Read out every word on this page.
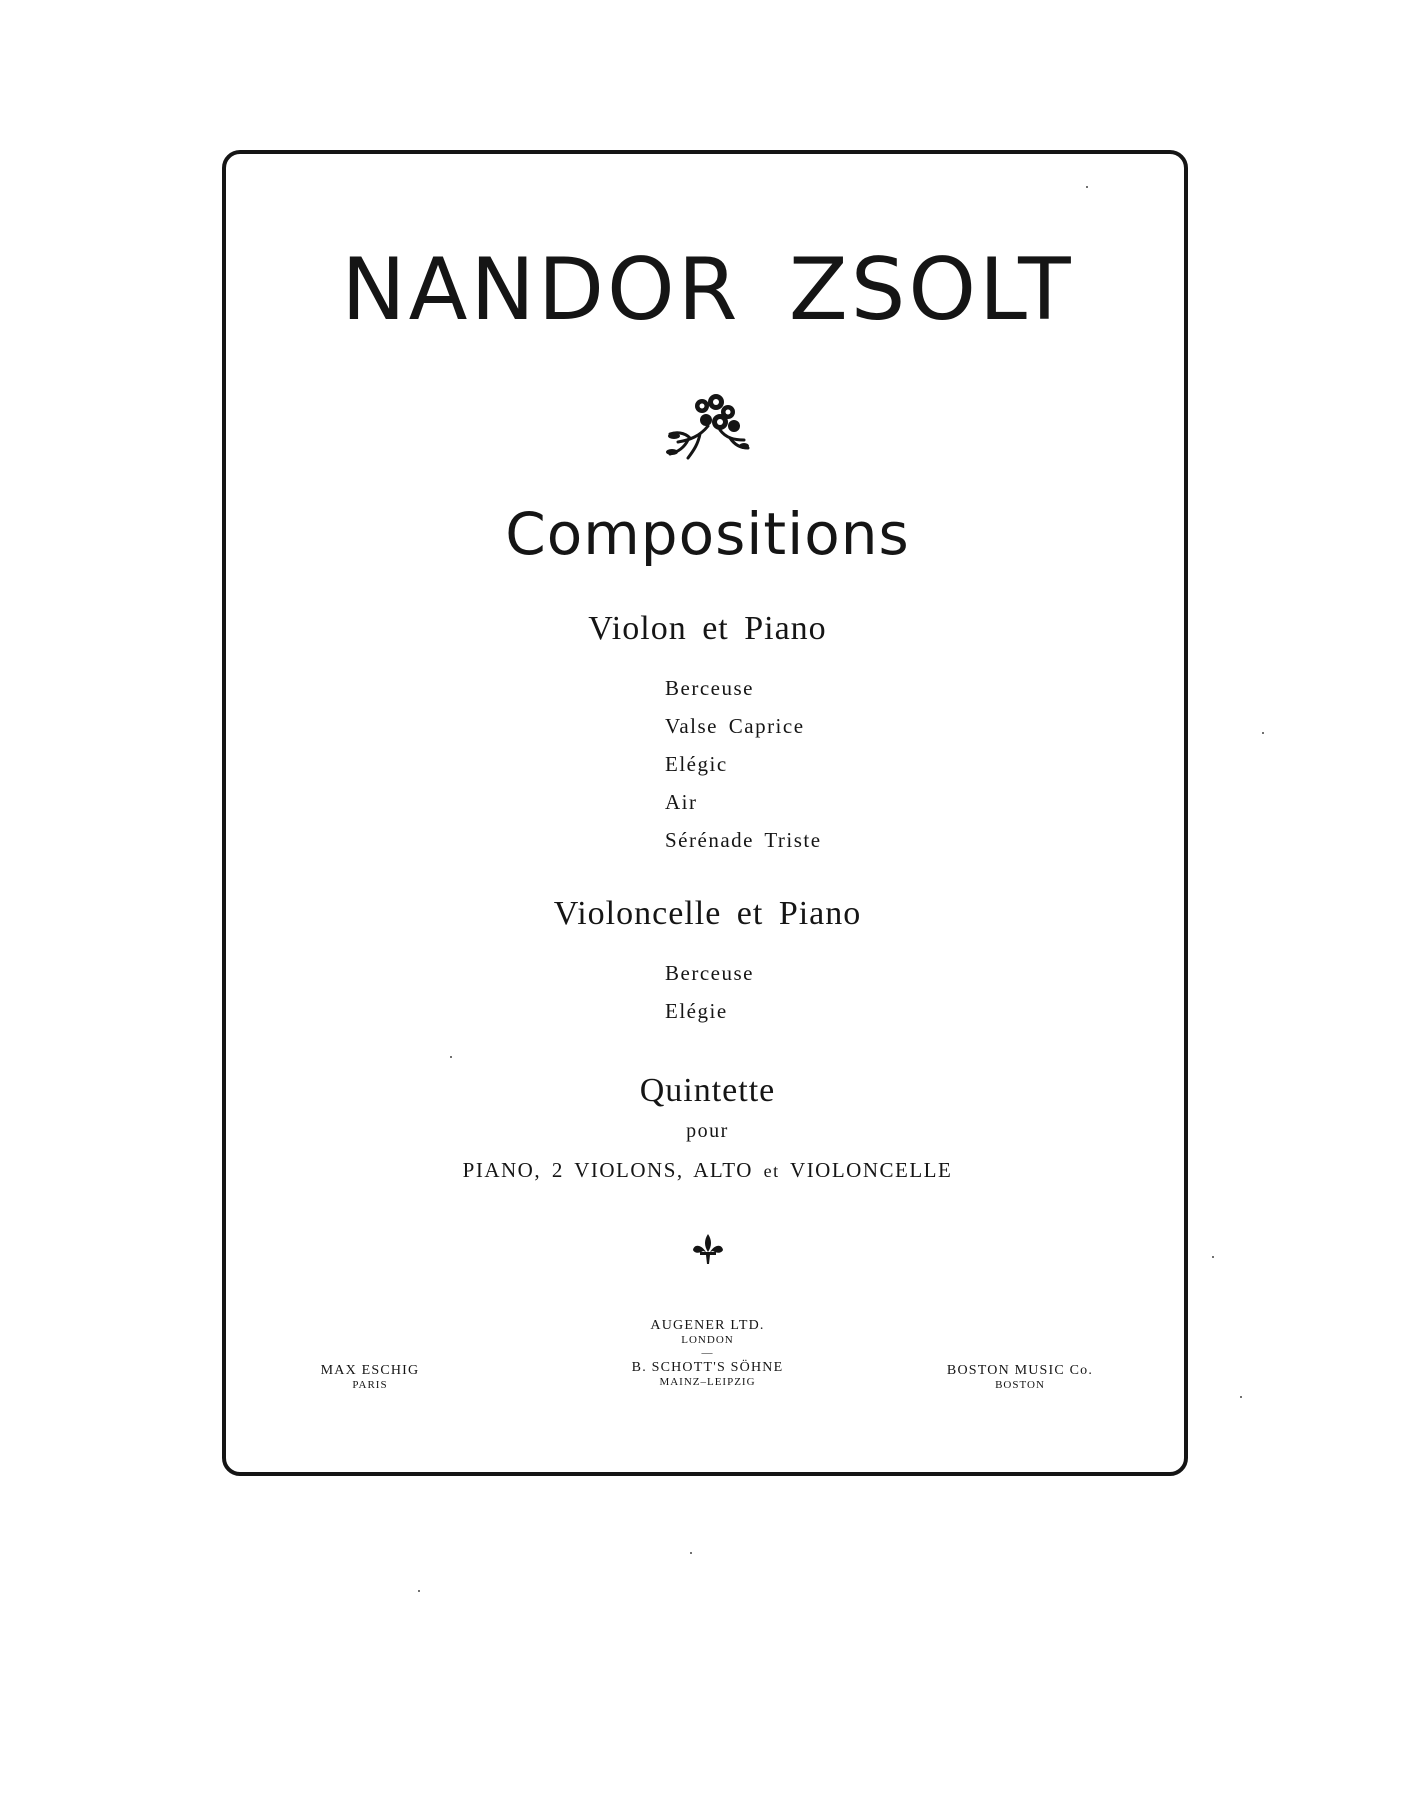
NANDOR ZSOLT
Compositions
Violon et Piano
Berceuse
Valse Caprice
Elégic
Air
Sérénade Triste
Violoncelle et Piano
Berceuse
Elégie
Quintette
pour
PIANO, 2 VIOLONS, ALTO et VIOLONCELLE
MAX ESCHIG
PARIS
AUGENER LTD.
LONDON
—
B. SCHOTT'S SÖHNE
MAINZ–LEIPZIG
BOSTON MUSIC Co.
BOSTON
